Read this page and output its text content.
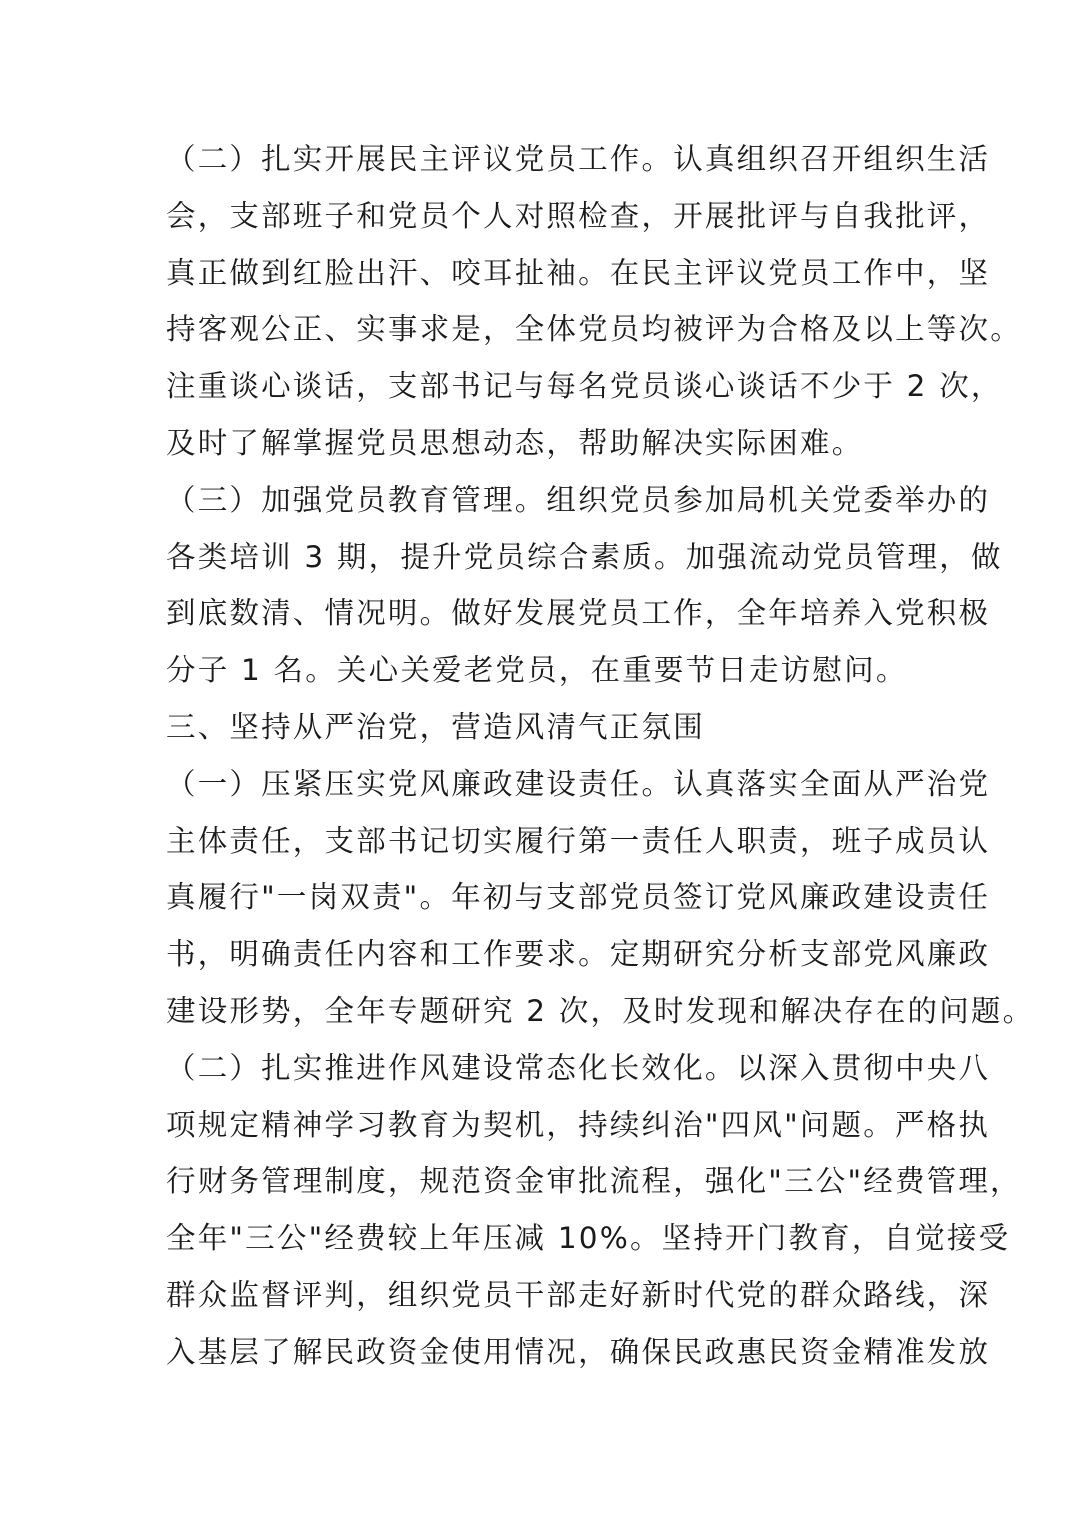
（二）扎实开展民主评议党员工作。认真组织召开组织生活
会，支部班子和党员个人对照检查，开展批评与自我批评，
真正做到红脸出汗、咬耳扯袖。在民主评议党员工作中，坚
持客观公正、实事求是，全体党员均被评为合格及以上等次。
注重谈心谈话，支部书记与每名党员谈心谈话不少于 2 次，
及时了解掌握党员思想动态，帮助解决实际困难。
（三）加强党员教育管理。组织党员参加局机关党委举办的
各类培训 3 期，提升党员综合素质。加强流动党员管理，做
到底数清、情况明。做好发展党员工作，全年培养入党积极
分子 1 名。关心关爱老党员，在重要节日走访慰问。
三、坚持从严治党，营造风清气正氛围
（一）压紧压实党风廉政建设责任。认真落实全面从严治党
主体责任，支部书记切实履行第一责任人职责，班子成员认
真履行"一岗双责"。年初与支部党员签订党风廉政建设责任
书，明确责任内容和工作要求。定期研究分析支部党风廉政
建设形势，全年专题研究 2 次，及时发现和解决存在的问题。
（二）扎实推进作风建设常态化长效化。以深入贯彻中央八
项规定精神学习教育为契机，持续纠治"四风"问题。严格执
行财务管理制度，规范资金审批流程，强化"三公"经费管理，
全年"三公"经费较上年压减 10%。坚持开门教育，自觉接受
群众监督评判，组织党员干部走好新时代党的群众路线，深
入基层了解民政资金使用情况，确保民政惠民资金精准发放
